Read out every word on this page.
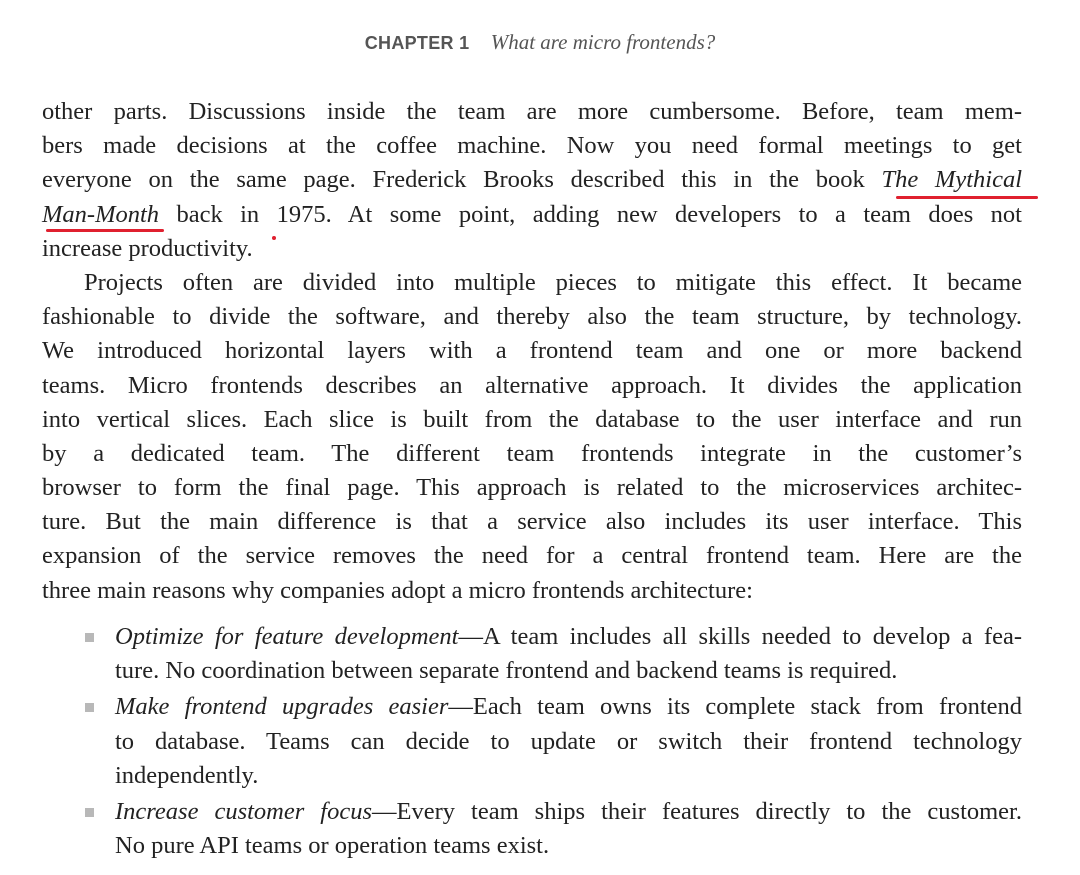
CHAPTER 1 What are micro frontends?
other parts. Discussions inside the team are more cumbersome. Before, team mem-
bers made decisions at the coffee machine. Now you need formal meetings to get
everyone on the same page. Frederick Brooks described this in the book The Mythical
Man-Month back in 1975. At some point, adding new developers to a team does not
increase productivity.
Projects often are divided into multiple pieces to mitigate this effect. It became
fashionable to divide the software, and thereby also the team structure, by technology.
We introduced horizontal layers with a frontend team and one or more backend
teams. Micro frontends describes an alternative approach. It divides the application
into vertical slices. Each slice is built from the database to the user interface and run
by a dedicated team. The different team frontends integrate in the customer’s
browser to form the final page. This approach is related to the microservices architec-
ture. But the main difference is that a service also includes its user interface. This
expansion of the service removes the need for a central frontend team. Here are the
three main reasons why companies adopt a micro frontends architecture:
Optimize for feature development—A team includes all skills needed to develop a fea-
ture. No coordination between separate frontend and backend teams is required.
Make frontend upgrades easier—Each team owns its complete stack from frontend
to database. Teams can decide to update or switch their frontend technology
independently.
Increase customer focus—Every team ships their features directly to the customer.
No pure API teams or operation teams exist.
